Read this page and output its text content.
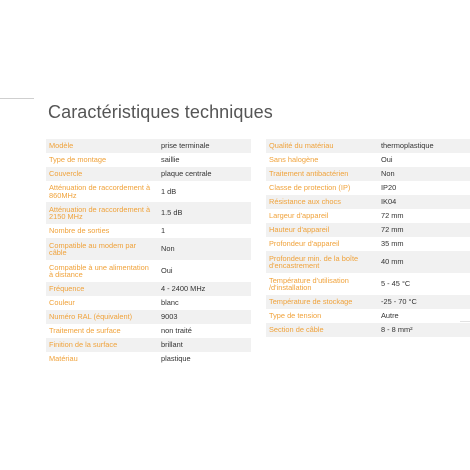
Caractéristiques techniques
Modèle	prise terminale
Type de montage	saillie
Couvercle	plaque centrale
Atténuation de raccordement à 860MHz	1 dB
Atténuation de raccordement à 2150 MHz	1.5 dB
Nombre de sorties	1
Compatible au modem par câble	Non
Compatible à une alimentation à distance	Oui
Fréquence	4 - 2400 MHz
Couleur	blanc
Numéro RAL (équivalent)	9003
Traitement de surface	non traité
Finition de la surface	brillant
Matériau	plastique
Qualité du matériau	thermoplastique
Sans halogène	Oui
Traitement antibactérien	Non
Classe de protection (IP)	IP20
Résistance aux chocs	IK04
Largeur d'appareil	72 mm
Hauteur d'appareil	72 mm
Profondeur d'appareil	35 mm
Profondeur min. de la boîte d'encastrement	40 mm
Température d'utilisation /d'installation	5 - 45 °C
Température de stockage	-25 - 70 °C
Type de tension	Autre
Section de câble	8 - 8 mm²
